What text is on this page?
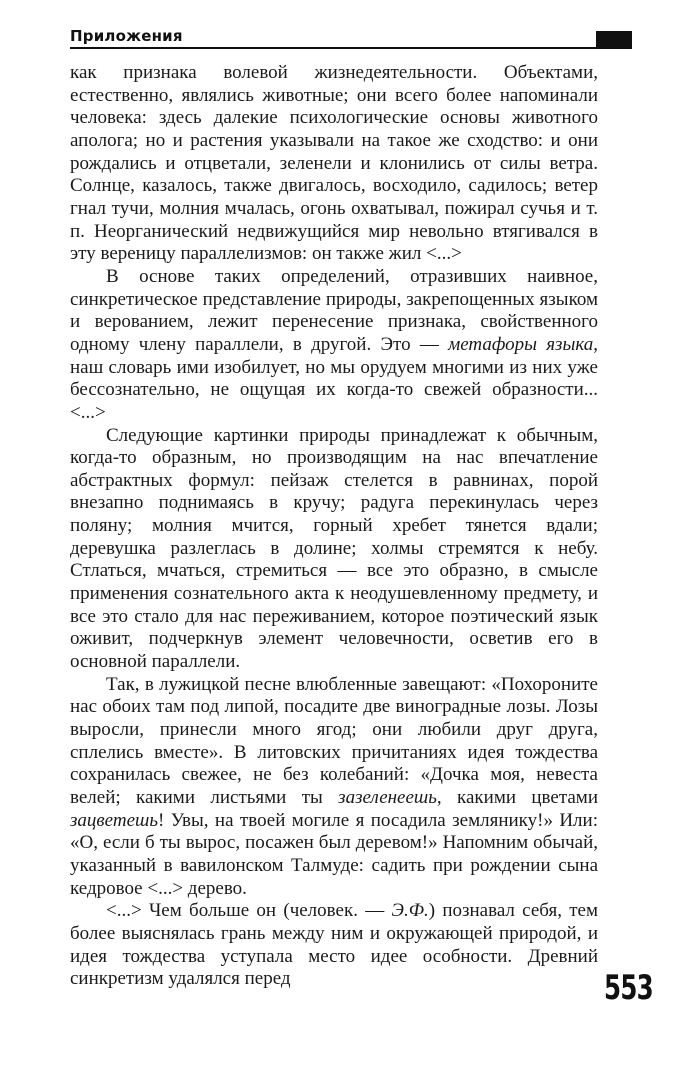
Приложения

как признака волевой жизнедеятельности. Объектами, естественно, являлись животные; они всего более напоминали человека: здесь далекие психологические основы животного аполога; но и растения указывали на такое же сходство: и они рождались и отцветали, зеленели и клонились от силы ветра. Солнце, казалось, также двигалось, восходило, садилось; ветер гнал тучи, молния мчалась, огонь охватывал, пожирал сучья и т. п. Неорганический недвижущийся мир невольно втягивался в эту вереницу параллелизмов: он также жил <...>

В основе таких определений, отразивших наивное, синкретическое представление природы, закрепощенных языком и верованием, лежит перенесение признака, свойственного одному члену параллели, в другой. Это — метафоры языка, наш словарь ими изобилует, но мы орудуем многими из них уже бессознательно, не ощущая их когда-то свежей образности... <...>

Следующие картинки природы принадлежат к обычным, когда-то образным, но производящим на нас впечатление абстрактных формул: пейзаж стелется в равнинах, порой внезапно поднимаясь в кручу; радуга перекинулась через поляну; молния мчится, горный хребет тянется вдали; деревушка разлеглась в долине; холмы стремятся к небу. Стлаться, мчаться, стремиться — все это образно, в смысле применения сознательного акта к неодушевленному предмету, и все это стало для нас переживанием, которое поэтический язык оживит, подчеркнув элемент человечности, осветив его в основной параллели.

Так, в лужицкой песне влюбленные завещают: «Похороните нас обоих там под липой, посадите две виноградные лозы. Лозы выросли, принесли много ягод; они любили друг друга, сплелись вместе». В литовских причитаниях идея тождества сохранилась свежее, не без колебаний: «Дочка моя, невеста велей; какими листьями ты зазеленеешь, какими цветами зацветешь! Увы, на твоей могиле я посадила землянику!» Или: «О, если б ты вырос, посажен был деревом!» Напомним обычай, указанный в вавилонском Талмуде: садить при рождении сына кедровое <...> дерево.

<...> Чем больше он (человек. — Э.Ф.) познавал себя, тем более выяснялась грань между ним и окружающей природой, и идея тождества уступала место идее особности. Древний синкретизм удалялся перед	553
